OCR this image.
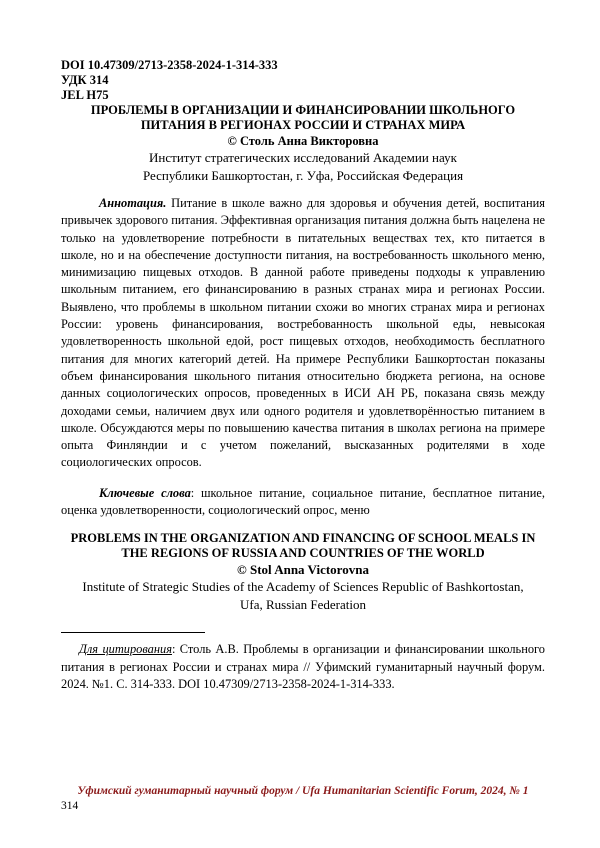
DOI 10.47309/2713-2358-2024-1-314-333
УДК 314
JEL H75
ПРОБЛЕМЫ В ОРГАНИЗАЦИИ И ФИНАНСИРОВАНИИ ШКОЛЬНОГО ПИТАНИЯ В РЕГИОНАХ РОССИИ И СТРАНАХ МИРА
© Столь Анна Викторовна
Институт стратегических исследований Академии наук
Республики Башкортостан, г. Уфа, Российская Федерация
Аннотация. Питание в школе важно для здоровья и обучения детей, воспитания привычек здорового питания. Эффективная организация питания должна быть нацелена не только на удовлетворение потребности в питательных веществах тех, кто питается в школе, но и на обеспечение доступности питания, на востребованность школьного меню, минимизацию пищевых отходов. В данной работе приведены подходы к управлению школьным питанием, его финансированию в разных странах мира и регионах России. Выявлено, что проблемы в школьном питании схожи во многих странах мира и регионах России: уровень финансирования, востребованность школьной еды, невысокая удовлетворенность школьной едой, рост пищевых отходов, необходимость бесплатного питания для многих категорий детей. На примере Республики Башкортостан показаны объем финансирования школьного питания относительно бюджета региона, на основе данных социологических опросов, проведенных в ИСИ АН РБ, показана связь между доходами семьи, наличием двух или одного родителя и удовлетворённостью питанием в школе. Обсуждаются меры по повышению качества питания в школах региона на примере опыта Финляндии и с учетом пожеланий, высказанных родителями в ходе социологических опросов.
Ключевые слова: школьное питание, социальное питание, бесплатное питание, оценка удовлетворенности, социологический опрос, меню
PROBLEMS IN THE ORGANIZATION AND FINANCING OF SCHOOL MEALS IN THE REGIONS OF RUSSIA AND COUNTRIES OF THE WORLD
© Stol Anna Victorovna
Institute of Strategic Studies of the Academy of Sciences Republic of Bashkortostan,
Ufa, Russian Federation
Для цитирования: Столь А.В. Проблемы в организации и финансировании школьного питания в регионах России и странах мира // Уфимский гуманитарный научный форум. 2024. №1. С. 314-333. DOI 10.47309/2713-2358-2024-1-314-333.
Уфимский гуманитарный научный форум / Ufa Humanitarian Scientific Forum, 2024, № 1
314
